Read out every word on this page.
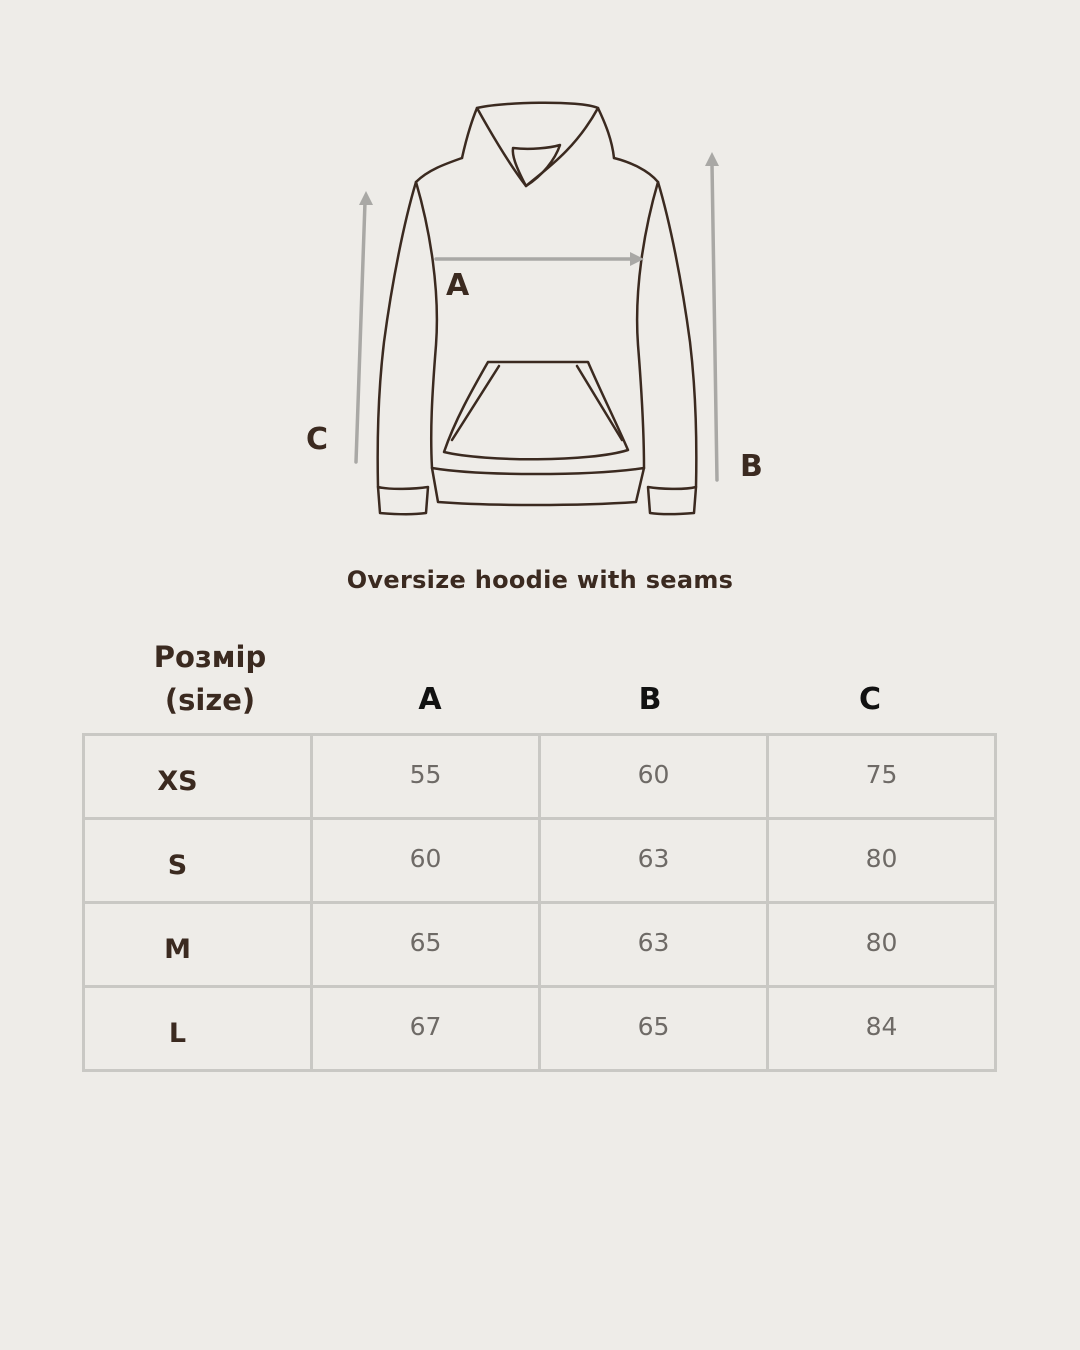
A
B
C
Oversize hoodie with seams
Розмір
(size)	A	B	C
XS	55	60	75
S	60	63	80
M	65	63	80
L	67	65	84
